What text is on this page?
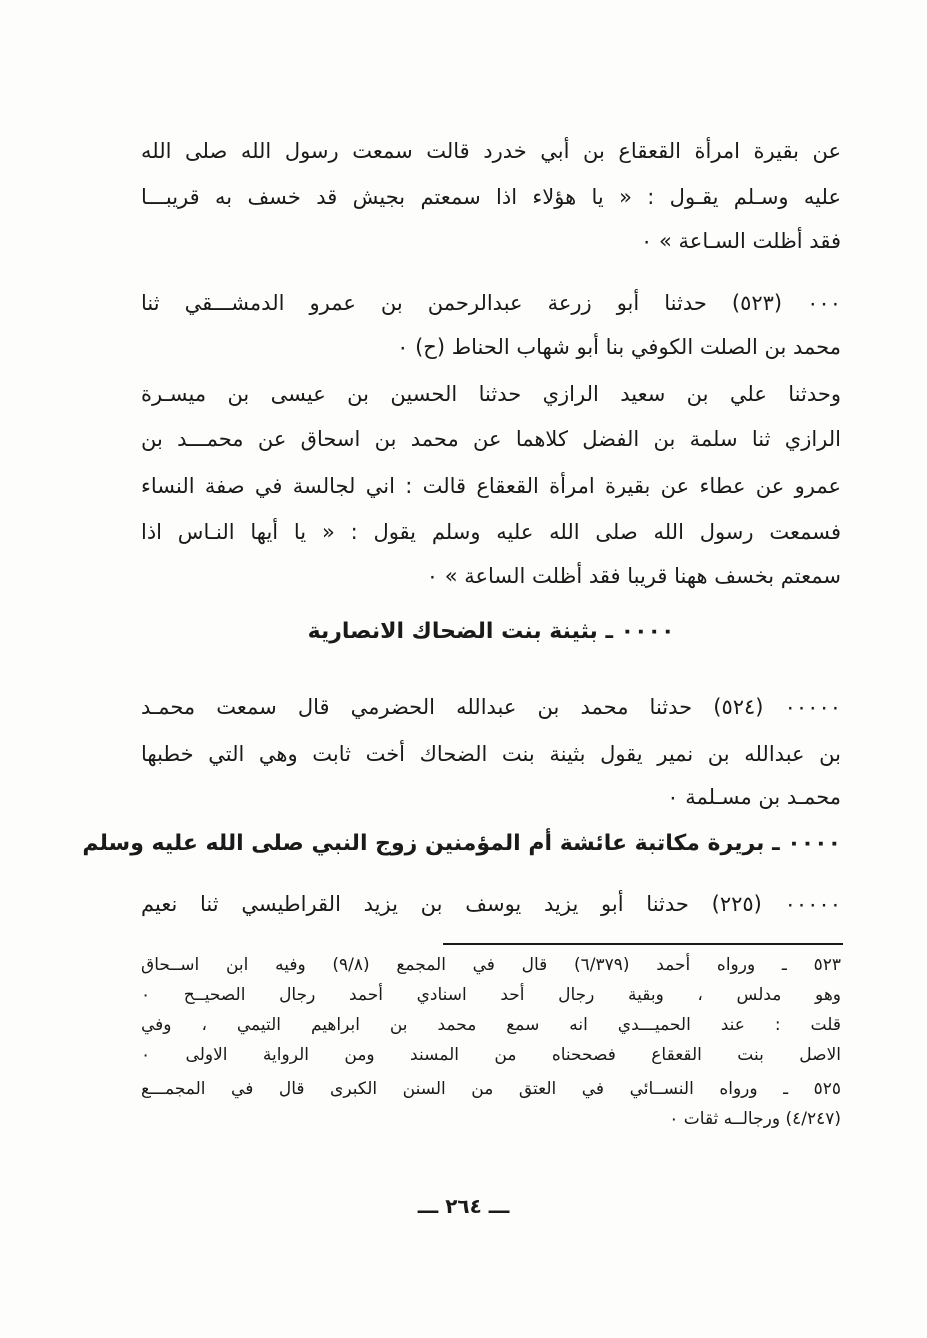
عن بقيرة امرأة القعقاع بن أبي خدرد قالت سمعت رسول الله صلى الله
عليه وسـلم يقـول : « يا هؤلاء اذا سمعتم بجيش قد خسف به قريبـــا
فقد أظلت السـاعة » ٠
٠٠٠ (٥٢٣) حدثنا أبو زرعة عبدالرحمن بن عمرو الدمشـــقي ثنا
محمد بن الصلت الكوفي بنا أبو شهاب الحناط (ح) ٠
وحدثنا علي بن سعيد الرازي حدثنا الحسين بن عيسى بن ميسـرة
الرازي ثنا سلمة بن الفضل كلاهما عن محمد بن اسحاق عن محمـــد بن
عمرو عن عطاء عن بقيرة امرأة القعقاع قالت : اني لجالسة في صفة النساء
فسمعت رسول الله صلى الله عليه وسلم يقول : « يا أيها النـاس اذا
سمعتم بخسف ههنا قريبا فقد أظلت الساعة » ٠
٠٠٠٠ ـ بثينة بنت الضحاك الانصارية
٠٠٠٠٠ (٥٢٤) حدثنا محمد بن عبدالله الحضرمي قال سمعت محمـد
بن عبدالله بن نمير يقول بثينة بنت الضحاك أخت ثابت وهي التي خطبها
محمـد بن مسـلمة ٠
٠٠٠٠ ـ بريرة مكاتبة عائشة أم المؤمنين زوج النبي صلى الله عليه وسلم
٠٠٠٠٠ (٢٢٥) حدثنا أبو يزيد يوسف بن يزيد القراطيسي ثنا نعيم
٥٢٣ ـ ورواه أحمد (٦/٣٧٩) قال في المجمع (٩/٨) وفيه ابن اســحاق
وهو مدلس ، وبقية رجال أحد اسنادي أحمد رجال الصحيــح ٠
قلت : عند الحميـــدي انه سمع محمد بن ابراهيم التيمي ، وفي
الاصل بنت القعقاع فصححناه من المسند ومن الرواية الاولى ٠
٥٢٥ ـ ورواه النســائي في العتق من السنن الكبرى قال في المجمـــع
(٤/٢٤٧) ورجالــه ثقات ٠
ـــ ٢٦٤ ـــ
